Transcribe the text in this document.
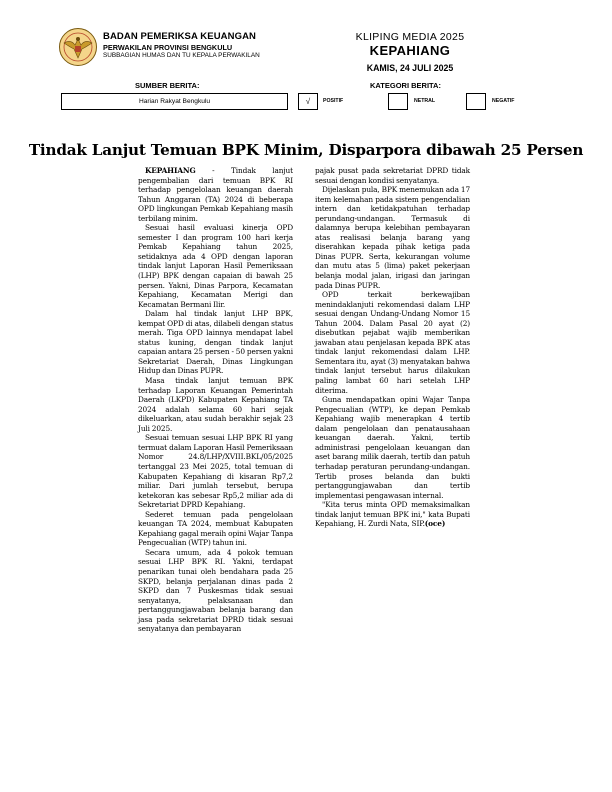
BADAN PEMERIKSA KEUANGAN
PERWAKILAN PROVINSI BENGKULU
SUBBAGIAN HUMAS DAN TU KEPALA PERWAKILAN
KLIPING MEDIA 2025
KEPAHIANG
KAMIS, 24 JULI 2025
SUMBER BERITA:	KATEGORI BERITA:
Harian Rakyat Bengkulu	√	POSITIF	NETRAL	NEGATIF
Tindak Lanjut Temuan BPK Minim, Disparpora dibawah 25 Persen

KEPAHIANG - Tindak lanjut pengembalian dari temuan BPK RI terhadap pengelolaan keuangan daerah Tahun Anggaran (TA) 2024 di beberapa OPD lingkungan Pemkab Kepahiang masih terbilang minim.

Sesuai hasil evaluasi kinerja OPD semester I dan program 100 hari kerja Pemkab Kepahiang tahun 2025, setidaknya ada 4 OPD dengan laporan tindak lanjut Laporan Hasil Pemeriksaan (LHP) BPK dengan capaian di bawah 25 persen. Yakni, Dinas Parpora, Kecamatan Kepahiang, Kecamatan Merigi dan Kecamatan Bermani Ilir.

Dalam hal tindak lanjut LHP BPK, kempat OPD di atas, dilabeli dengan status merah. Tiga OPD lainnya mendapat label status kuning, dengan tindak lanjut capaian antara 25 persen - 50 persen yakni Sekretariat Daerah, Dinas Lingkungan Hidup dan Dinas PUPR.

Masa tindak lanjut temuan BPK terhadap Laporan Keuangan Pemerintah Daerah (LKPD) Kabupaten Kepahiang TA 2024 adalah selama 60 hari sejak dikeluarkan, atau sudah berakhir sejak 23 Juli 2025.

Sesuai temuan sesuai LHP BPK RI yang termuat dalam Laporan Hasil Pemeriksaan Nomor 24.8/LHP/XVIII.BKL/05/2025 tertanggal 23 Mei 2025, total temuan di Kabupaten Kepahiang di kisaran Rp7,2 miliar. Dari jumlah tersebut, berupa ketekoran kas sebesar Rp5,2 miliar ada di Sekretariat DPRD Kepahiang.

Sederet temuan pada pengelolaan keuangan TA 2024, membuat Kabupaten Kepahiang gagal meraih opini Wajar Tanpa Pengecualian (WTP) tahun ini.

Secara umum, ada 4 pokok temuan sesuai LHP BPK RI. Yakni, terdapat penarikan tunai oleh bendahara pada 25 SKPD, belanja perjalanan dinas pada 2 SKPD dan 7 Puskesmas tidak sesuai senyatanya, pelaksanaan dan pertanggungjawaban belanja barang dan jasa pada sekretariat DPRD tidak sesuai senyatanya dan pembayaran

pajak pusat pada sekretariat DPRD tidak sesuai dengan kondisi senyatanya.

Dijelaskan pula, BPK menemukan ada 17 item kelemahan pada sistem pengendalian intern dan ketidakpatuhan terhadap perundang-undangan. Termasuk di dalamnya berupa kelebihan pembayaran atas realisasi belanja barang yang diserahkan kepada pihak ketiga pada Dinas PUPR. Serta, kekurangan volume dan mutu atas 5 (lima) paket pekerjaan belanja modal jalan, irigasi dan jaringan pada Dinas PUPR.

OPD terkait berkewajiban menindaklanjuti rekomendasi dalam LHP sesuai dengan Undang-Undang Nomor 15 Tahun 2004. Dalam Pasal 20 ayat (2) disebutkan pejabat wajib memberikan jawaban atau penjelasan kepada BPK atas tindak lanjut rekomendasi dalam LHP. Sementara itu, ayat (3) menyatakan bahwa tindak lanjut tersebut harus dilakukan paling lambat 60 hari setelah LHP diterima.

Guna mendapatkan opini Wajar Tanpa Pengecualian (WTP), ke depan Pemkab Kepahiang wajib menerapkan 4 tertib dalam pengelolaan dan penatausahaan keuangan daerah. Yakni, tertib administrasi pengelolaan keuangan dan aset barang milik daerah, tertib dan patuh terhadap peraturan perundang-undangan. Tertib proses belanda dan bukti pertanggungjawaban dan tertib implementasi pengawasan internal.

"Kita terus minta OPD memaksimalkan tindak lanjut temuan BPK ini," kata Bupati Kepahiang, H. Zurdi Nata, SIP.(oce)
